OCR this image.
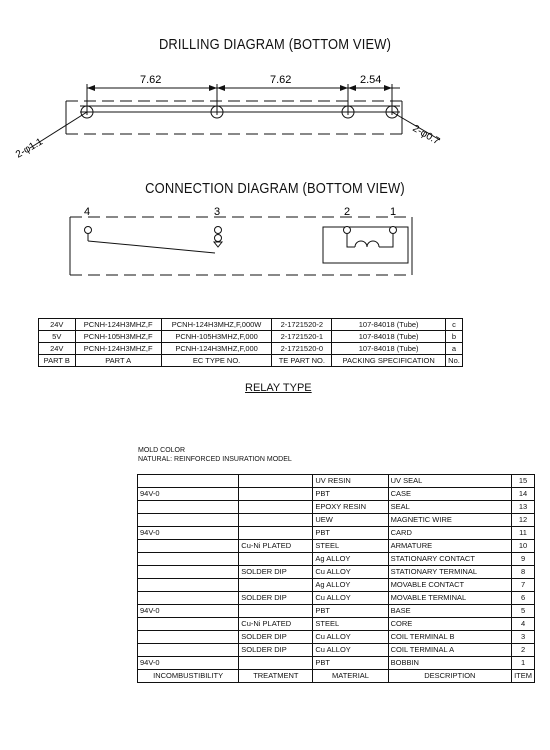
DRILLING DIAGRAM (BOTTOM VIEW)
7.62	7.62	2.54
2-φ1.1
2-φ0.7
CONNECTION DIAGRAM (BOTTOM VIEW)
4	3	2	1
24V	PCNH-124H3MHZ,F	PCNH-124H3MHZ,F,000W	2-1721520-2	107-84018 (Tube)	c
5V	PCNH-105H3MHZ,F	PCNH-105H3MHZ,F,000	2-1721520-1	107-84018 (Tube)	b
24V	PCNH-124H3MHZ,F	PCNH-124H3MHZ,F,000	2-1721520-0	107-84018 (Tube)	a
PART B	PART A	EC TYPE NO.	TE PART NO.	PACKING SPECIFICATION	No.
RELAY TYPE
MOLD COLOR
NATURAL: REINFORCED INSURATION MODEL
		UV RESIN	UV SEAL	15
94V-0		PBT	CASE	14
		EPOXY RESIN	SEAL	13
		UEW	MAGNETIC WIRE	12
94V-0		PBT	CARD	11
	Cu-Ni PLATED	STEEL	ARMATURE	10
		Ag ALLOY	STATIONARY CONTACT	9
	SOLDER DIP	Cu ALLOY	STATIONARY TERMINAL	8
		Ag ALLOY	MOVABLE CONTACT	7
	SOLDER DIP	Cu ALLOY	MOVABLE TERMINAL	6
94V-0		PBT	BASE	5
	Cu-Ni PLATED	STEEL	CORE	4
	SOLDER DIP	Cu ALLOY	COIL TERMINAL B	3
	SOLDER DIP	Cu ALLOY	COIL TERMINAL A	2
94V-0		PBT	BOBBIN	1
INCOMBUSTIBILITY	TREATMENT	MATERIAL	DESCRIPTION	ITEM
